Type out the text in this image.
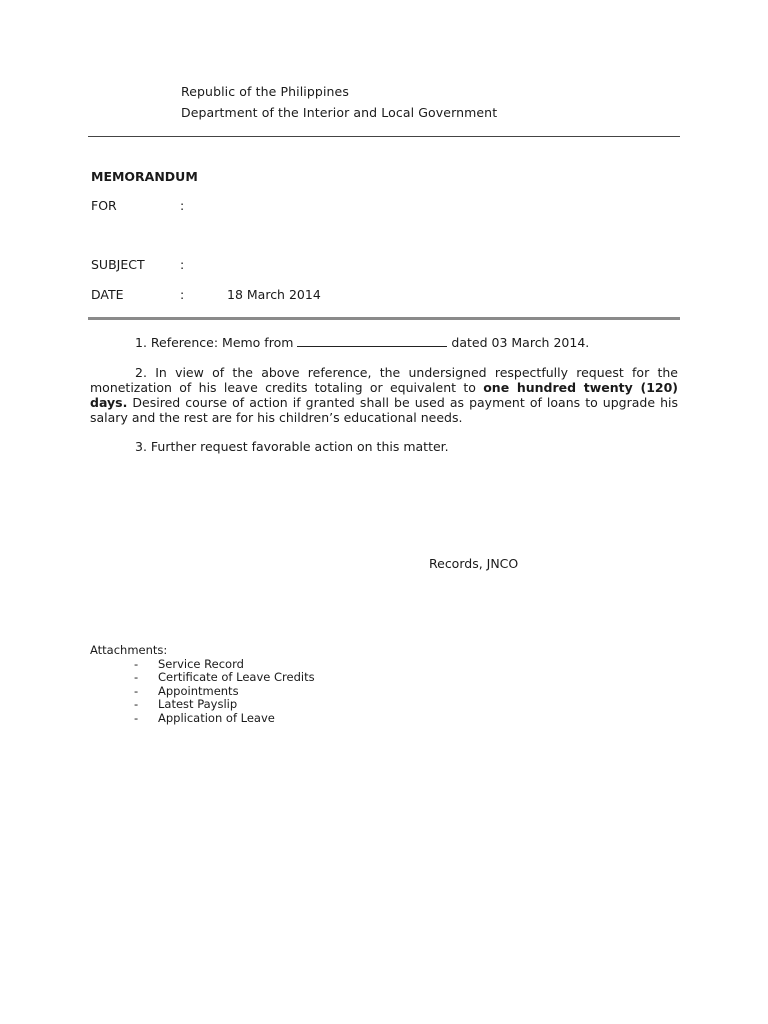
Republic of the Philippines
Department of the Interior and Local Government
MEMORANDUM
FOR	:
SUBJECT	:
DATE	:	18 March 2014
1. Reference: Memo from	dated 03 March 2014.
2. In view of the above reference, the undersigned respectfully request for the monetization of his leave credits totaling or equivalent to one hundred twenty (120) days. Desired course of action if granted shall be used as payment of loans to upgrade his salary and the rest are for his children’s educational needs.
3. Further request favorable action on this matter.
Records, JNCO
Attachments:
- Service Record
- Certificate of Leave Credits
- Appointments
- Latest Payslip
- Application of Leave
